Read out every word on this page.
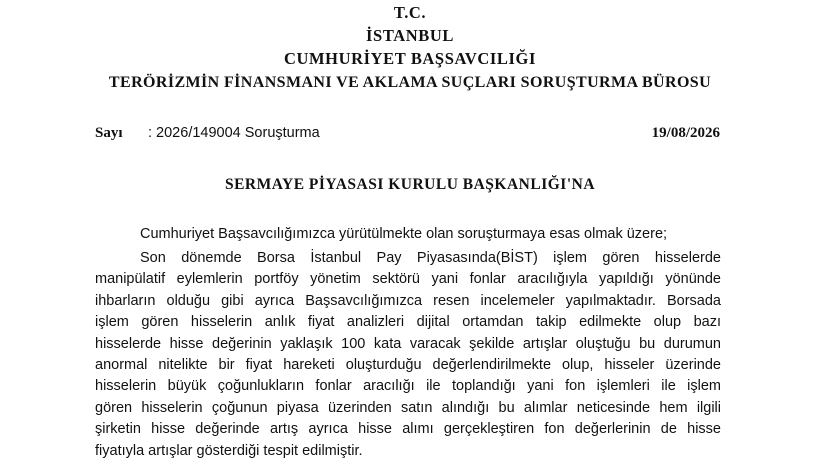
T.C.
İSTANBUL
CUMHURİYET BAŞSAVCILIĞI
TERÖRİZMİN FİNANSMANI VE AKLAMA SUÇLARI SORUŞTURMA BÜROSU
Sayı : 2026/149004 Soruşturma	19/08/2026
SERMAYE PİYASASI KURULU BAŞKANLIĞI'NA
Cumhuriyet Başsavcılığımızca yürütülmekte olan soruşturmaya esas olmak üzere;
Son dönemde Borsa İstanbul Pay Piyasasında(BİST) işlem gören hisselerde
manipülatif eylemlerin portföy yönetim sektörü yani fonlar aracılığıyla yapıldığı yönünde
ihbarların olduğu gibi ayrıca Başsavcılığımızca resen incelemeler yapılmaktadır. Borsada
işlem gören hisselerin anlık fiyat analizleri dijital ortamdan takip edilmekte olup bazı
hisselerde hisse değerinin yaklaşık 100 kata varacak şekilde artışlar oluştuğu bu durumun
anormal nitelikte bir fiyat hareketi oluşturduğu değerlendirilmekte olup, hisseler üzerinde
hisselerin büyük çoğunlukların fonlar aracılığı ile toplandığı yani fon işlemleri ile işlem
gören hisselerin çoğunun piyasa üzerinden satın alındığı bu alımlar neticesinde hem ilgili
şirketin hisse değerinde artış ayrıca hisse alımı gerçekleştiren fon değerlerinin de hisse
fiyatıyla artışlar gösterdiği tespit edilmiştir.
